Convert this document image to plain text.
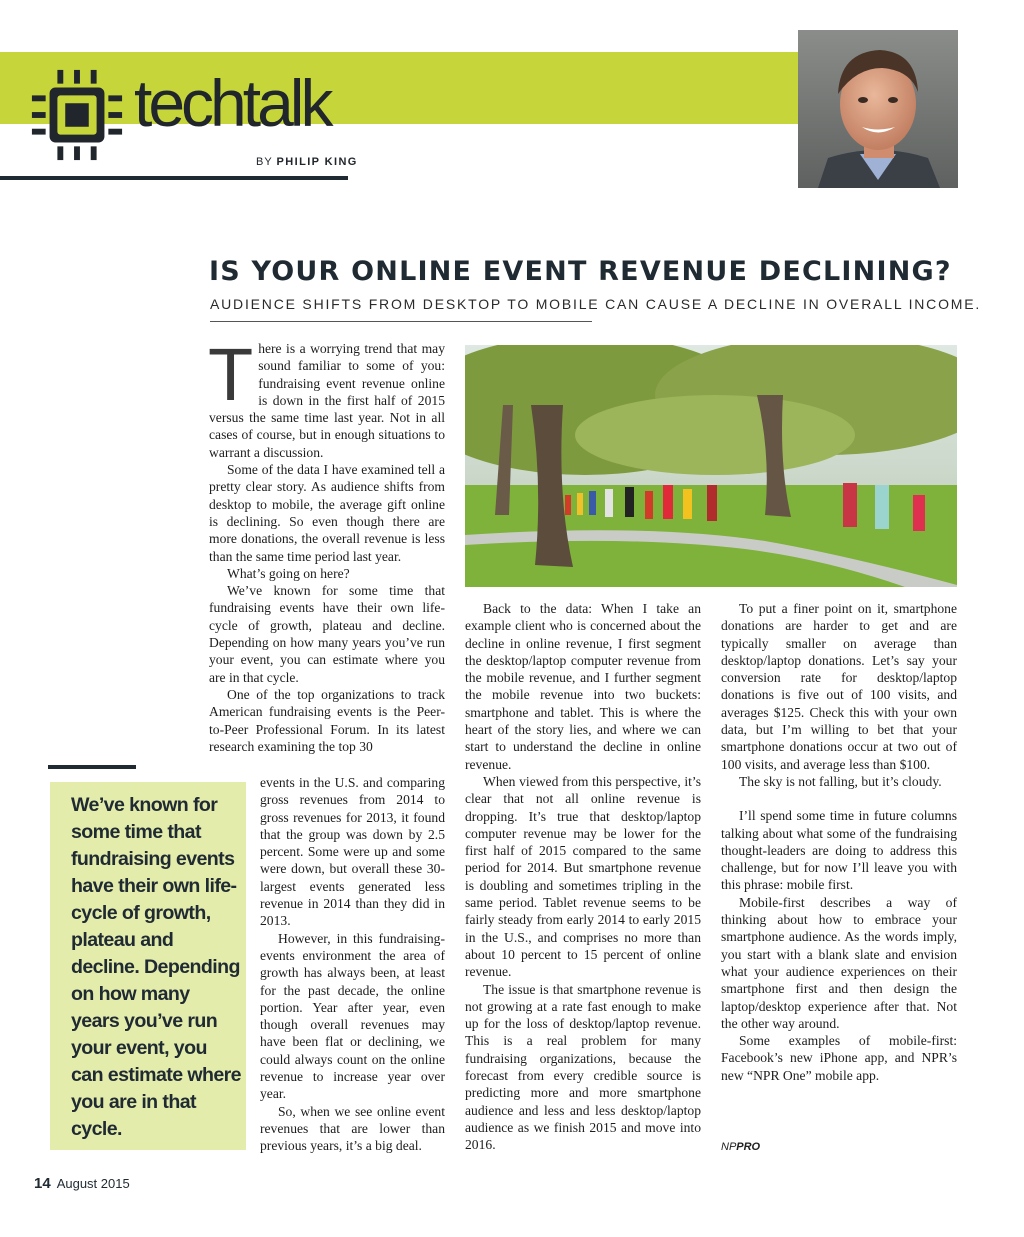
techtalk
BY PHILIP KING
IS YOUR ONLINE EVENT REVENUE DECLINING?
AUDIENCE SHIFTS FROM DESKTOP TO MOBILE CAN CAUSE A DECLINE IN OVERALL INCOME.

There is a worrying trend that may sound familiar to some of you: fundraising event revenue online is down in the first half of 2015 versus the same time last year. Not in all cases of course, but in enough situations to warrant a discussion.

Some of the data I have examined tell a pretty clear story. As audience shifts from desktop to mobile, the average gift online is declining. So even though there are more donations, the overall revenue is less than the same time period last year.

What’s going on here?

We’ve known for some time that fundraising events have their own life-cycle of growth, plateau and decline. Depending on how many years you’ve run your event, you can estimate where you are in that cycle.

One of the top organizations to track American fundraising events is the Peer-to-Peer Professional Forum. In its latest research examining the top 30

events in the U.S. and comparing gross revenues from 2014 to gross revenues for 2013, it found that the group was down by 2.5 percent. Some were up and some were down, but overall these 30-largest events generated less revenue in 2014 than they did in 2013.

However, in this fundraising-events environment the area of growth has always been, at least for the past decade, the online portion. Year after year, even though overall revenues may have been flat or declining, we could always count on the online revenue to increase year over year.

So, when we see online event revenues that are lower than previous years, it’s a big deal.

Back to the data: When I take an example client who is concerned about the decline in online revenue, I first segment the desktop/laptop computer revenue from the mobile revenue, and I further segment the mobile revenue into two buckets: smartphone and tablet. This is where the heart of the story lies, and where we can start to understand the decline in online revenue.

When viewed from this perspective, it’s clear that not all online revenue is dropping. It’s true that desktop/laptop computer revenue may be lower for the first half of 2015 compared to the same period for 2014. But smartphone revenue is doubling and sometimes tripling in the same period. Tablet revenue seems to be fairly steady from early 2014 to early 2015 in the U.S., and comprises no more than about 10 percent to 15 percent of online revenue.

The issue is that smartphone revenue is not growing at a rate fast enough to make up for the loss of desktop/laptop revenue. This is a real problem for many fundraising organizations, because the forecast from every credible source is predicting more and more smartphone audience and less and less desktop/laptop audience as we finish 2015 and move into 2016.

To put a finer point on it, smartphone donations are harder to get and are typically smaller on average than desktop/laptop donations. Let’s say your conversion rate for desktop/laptop donations is five out of 100 visits, and averages $125. Check this with your own data, but I’m willing to bet that your smartphone donations occur at two out of 100 visits, and average less than $100.

The sky is not falling, but it’s cloudy.

I’ll spend some time in future columns talking about what some of the fundraising thought-leaders are doing to address this challenge, but for now I’ll leave you with this phrase: mobile first.

Mobile-first describes a way of thinking about how to embrace your smartphone audience. As the words imply, you start with a blank slate and envision what your audience experiences on their smartphone first and then design the laptop/desktop experience after that. Not the other way around.

Some examples of mobile-first: Facebook’s new iPhone app, and NPR’s new “NPR One” mobile app.

NPPRO
We’ve known for some time that fundraising events have their own life-cycle of growth, plateau and decline. Depending on how many years you’ve run your event, you can estimate where you are in that cycle.
14 August 2015
